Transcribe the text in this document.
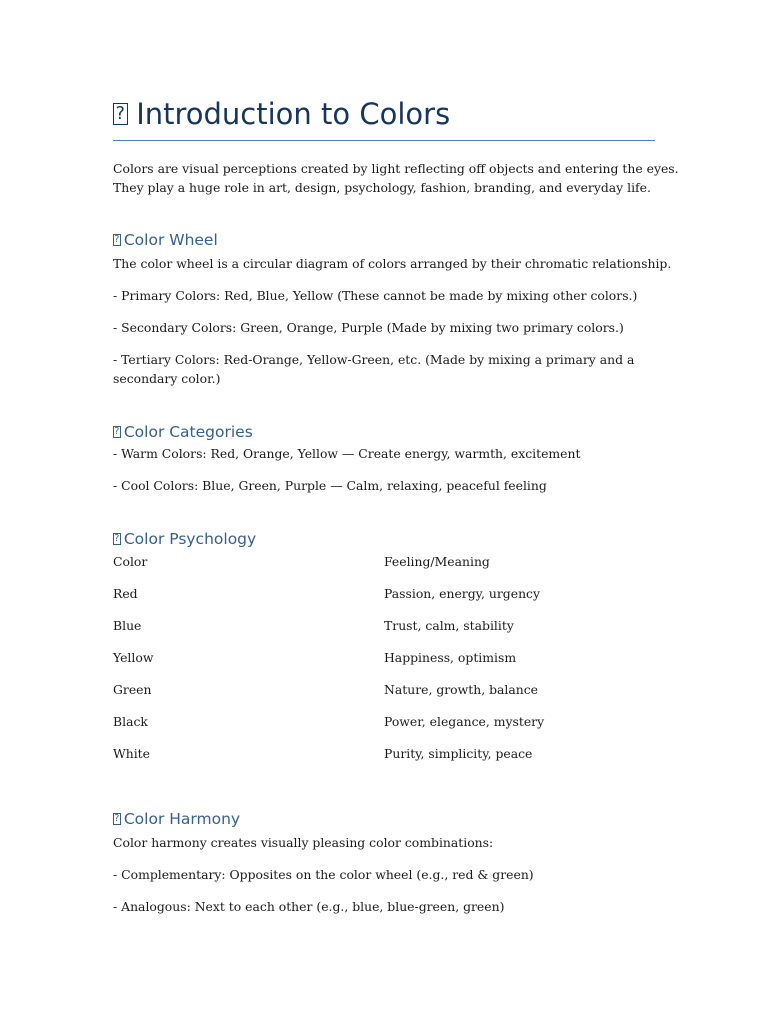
?Introduction to Colors
Colors are visual perceptions created by light reflecting off objects and entering the eyes.
They play a huge role in art, design, psychology, fashion, branding, and everyday life.
?Color Wheel
The color wheel is a circular diagram of colors arranged by their chromatic relationship.
- Primary Colors: Red, Blue, Yellow (These cannot be made by mixing other colors.)
- Secondary Colors: Green, Orange, Purple (Made by mixing two primary colors.)
- Tertiary Colors: Red-Orange, Yellow-Green, etc. (Made by mixing a primary and a
secondary color.)
?Color Categories
- Warm Colors: Red, Orange, Yellow — Create energy, warmth, excitement
- Cool Colors: Blue, Green, Purple — Calm, relaxing, peaceful feeling
?Color Psychology
Color	Feeling/Meaning
Red	Passion, energy, urgency
Blue	Trust, calm, stability
Yellow	Happiness, optimism
Green	Nature, growth, balance
Black	Power, elegance, mystery
White	Purity, simplicity, peace
?Color Harmony
Color harmony creates visually pleasing color combinations:
- Complementary: Opposites on the color wheel (e.g., red & green)
- Analogous: Next to each other (e.g., blue, blue-green, green)
